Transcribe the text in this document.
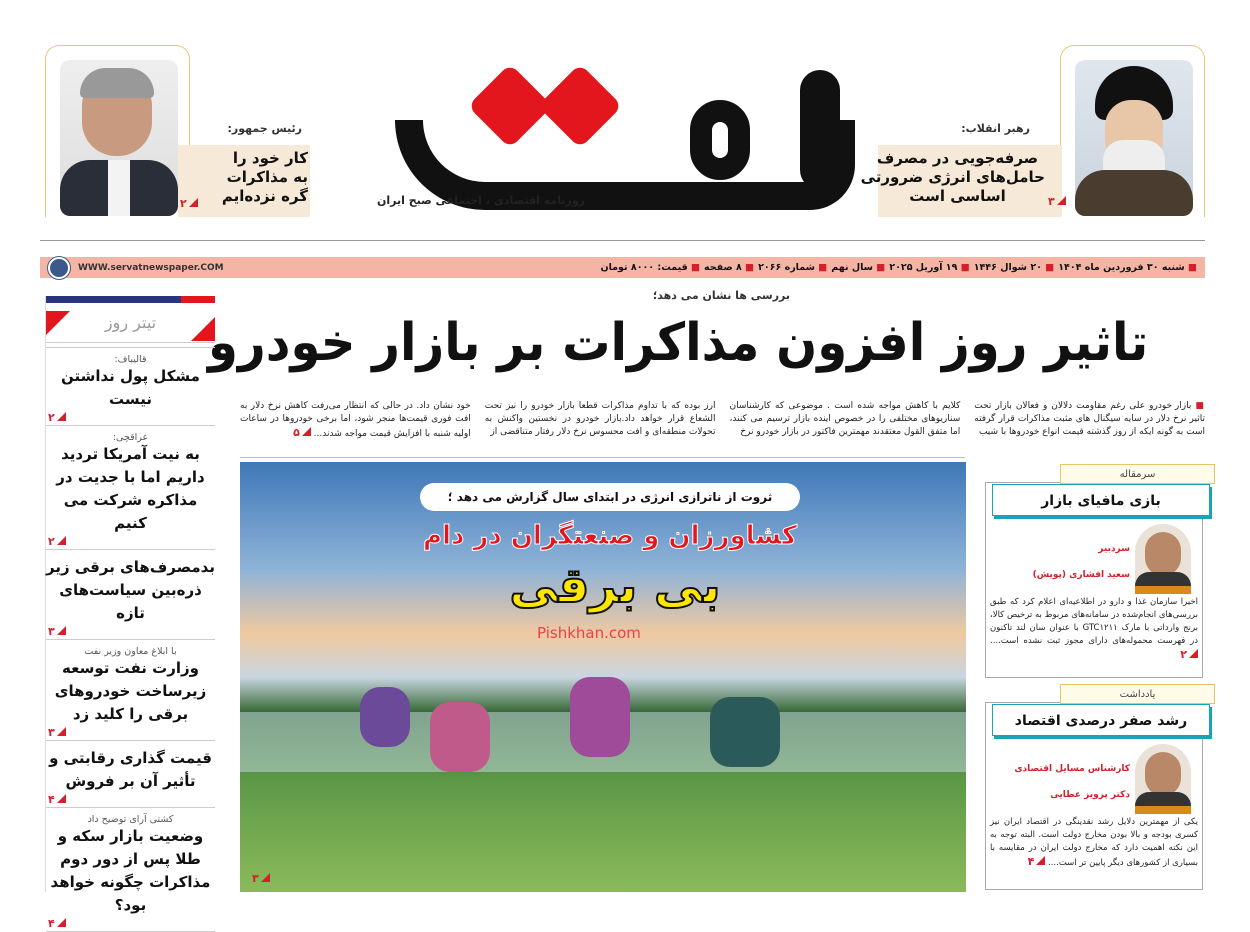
رهبر انقلاب:
صرفه‌جویی در مصرف
حامل‌های انرژی ضرورتی
اساسی است	۳
روزنامه اقتصادی ، اجتماعی صبح ایران
رئیس جمهور:
کار خود را
به مذاکرات
گره نزده‌ایم
۲
■ شنبه ۳۰ فروردین ماه ۱۴۰۴■ ۲۰ شوال ۱۴۴۶■ ۱۹ آوریل ۲۰۲۵■ سال نهم■ شماره ۲۰۶۶■ ۸ صفحه■ قیمت: ۸۰۰۰ تومان
WWW.servatnewspaper.COM
بررسی ها نشان می دهد؛
تاثیر روز افزون مذاکرات بر بازار خودرو
■ بازار خودرو علی رغم مقاومت دلالان و فعالان بازار تحت تاثیر نرخ دلار در سایه سیگنال های مثبت مذاکرات قرار گرفته است به گونه ایکه از روز گذشته قیمت انواع خودروها با شیب
کلایم با کاهش مواجه شده است . موضوعی که کارشناسان سناریوهای مختلفی را در خصوص اینده بازار ترسیم می کنند، اما متفق القول معتقدند مهمترین فاکتور در بازار خودرو نرخ
ارز بوده که با تداوم مذاکرات قطعا بازار خودرو را نیز تحت الشعاع قرار خواهد داد.بازار خودرو در نخستین واکنش به تحولات منطقه‌ای و افت محسوس نرخ دلار رفتار متناقضی از
خود نشان داد. در حالی که انتظار می‌رفت کاهش نرخ دلار به افت فوری قیمت‌ها منجر شود، اما برخی خودروها در ساعات اولیه شنبه با افزایش قیمت مواجه شدند... ۵
ثروت از ناترازی انرژی در ابتدای سال گزارش می دهد ؛
کشاورزان و صنعتگران در دام
بی برقی
Pishkhan.com
۳
تیتر روز
قالیباف:
مشکل پول نداشتن نیست
۲
عراقچی:
به نیت آمریکا تردید داریم اما با جدیت در مذاکره شرکت می کنیم
۲
بدمصرف‌های برقی زیر ذره‌بین سیاست‌های تازه
۳
با ابلاغ معاون وزیر نفت
وزارت نفت توسعه زیرساخت خودروهای برقی را کلید زد
۳
قیمت گذاری رقابتی و تأثیر آن بر فروش
۴
کشتی آرای توضیح داد
وضعیت بازار سکه و طلا پس از دور دوم مذاکرات چگونه خواهد بود؟
۴
سرمقاله
بازی مافیای بازار
سردبیر
سعید افشاری (پویش)
اخیرا سازمان غذا و دارو در اطلاعیه‌ای اعلام کرد که طبق بررسی‌های انجام‌شده در سامانه‌های مربوط به ترخیص کالا، برنج وارداتی با مارک GTC۱۲۱۱ با عنوان سان لند تاکنون در فهرست محموله‌های دارای مجوز ثبت نشده است.... ۲
یادداشت
رشد صفر درصدی اقتصاد
کارشناس مسایل اقتصادی
دکتر پرویز عطایی
یکی از مهمترین دلایل رشد نقدینگی در اقتصاد ایران نیز کسری بودجه و بالا بودن مخارج دولت است. البته توجه به این نکته اهمیت دارد که مخارج دولت ایران در مقایسه با بسیاری از کشورهای دیگر پایین تر است.... ۴
